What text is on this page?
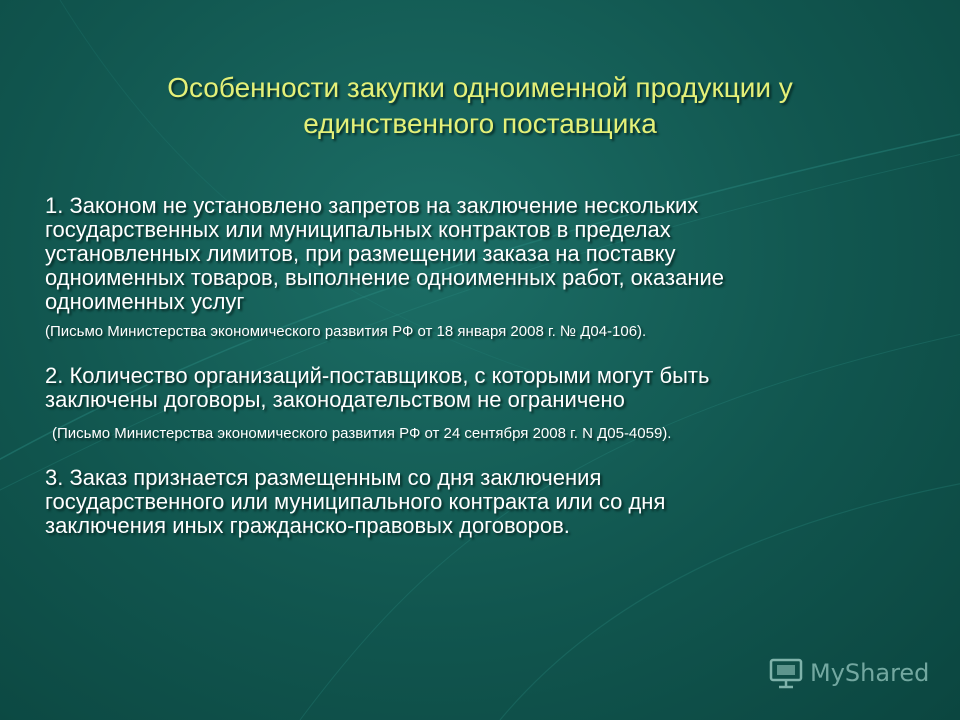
Особенности закупки одноименной продукции у
единственного поставщика
1. Законом не установлено запретов на заключение нескольких
государственных или муниципальных контрактов в пределах
установленных лимитов, при размещении заказа на поставку
одноименных товаров, выполнение одноименных работ, оказание
одноименных услуг
(Письмо Министерства экономического развития РФ от 18 января 2008 г. № Д04-106).
2. Количество организаций-поставщиков, с которыми могут быть
заключены договоры, законодательством не ограничено
(Письмо Министерства экономического развития РФ от 24 сентября 2008 г. N Д05-4059).
3. Заказ признается размещенным со дня заключения
государственного или муниципального контракта или со дня
заключения иных гражданско-правовых договоров.
MyShared
